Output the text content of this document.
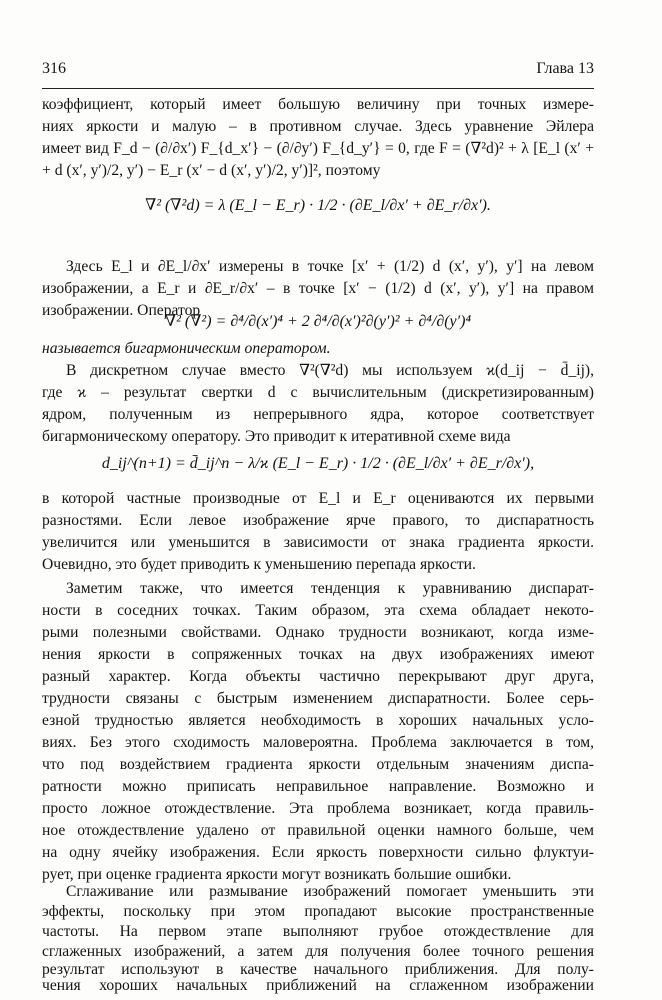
316	Глава 13
коэффициент, который имеет большую величину при точных измере-
ниях яркости и малую – в противном случае. Здесь уравнение Эйлера
имеет вид F_d − (∂/∂x′) F_{d_x′} − (∂/∂y′) F_{d_y′} = 0, где F = (∇²d)² + λ [E_l (x′ +
+ d (x′, y′)/2, y′) − E_r (x′ − d (x′, y′)/2, y′)]², поэтому
∇² (∇²d) = λ (E_l − E_r) · 1/2 · (∂E_l/∂x′ + ∂E_r/∂x′).
Здесь E_l и ∂E_l/∂x′ измерены в точке [x′ + (1/2) d (x′, y′), y′] на левом
изображении, а E_r и ∂E_r/∂x′ – в точке [x′ − (1/2) d (x′, y′), y′] на правом
изображении. Оператор
∇² (∇²) = ∂⁴/∂(x′)⁴ + 2 ∂⁴/∂(x′)²∂(y′)² + ∂⁴/∂(y′)⁴
называется бигармоническим оператором.
В дискретном случае вместо ∇²(∇²d) мы используем ϰ(d_ij − d̄_ij),
где ϰ – результат свертки d с вычислительным (дискретизированным)
ядром, полученным из непрерывного ядра, которое соответствует
бигармоническому оператору. Это приводит к итеративной схеме вида
d_ij^(n+1) = d̄_ij^n − λ/ϰ (E_l − E_r) · 1/2 · (∂E_l/∂x′ + ∂E_r/∂x′),
в которой частные производные от E_l и E_r оцениваются их первыми
разностями. Если левое изображение ярче правого, то диспаратность
увеличится или уменьшится в зависимости от знака градиента яркости.
Очевидно, это будет приводить к уменьшению перепада яркости.
Заметим также, что имеется тенденция к уравниванию диспарат-
ности в соседних точках. Таким образом, эта схема обладает некото-
рыми полезными свойствами. Однако трудности возникают, когда изме-
нения яркости в сопряженных точках на двух изображениях имеют
разный характер. Когда объекты частично перекрывают друг друга,
трудности связаны с быстрым изменением диспаратности. Более серь-
езной трудностью является необходимость в хороших начальных усло-
виях. Без этого сходимость маловероятна. Проблема заключается в том,
что под воздействием градиента яркости отдельным значениям диспа-
ратности можно приписать неправильное направление. Возможно и
просто ложное отождествление. Эта проблема возникает, когда правиль-
ное отождествление удалено от правильной оценки намного больше, чем
на одну ячейку изображения. Если яркость поверхности сильно флуктуи-
рует, при оценке градиента яркости могут возникать большие ошибки.
Сглаживание или размывание изображений помогает уменьшить эти
эффекты, поскольку при этом пропадают высокие пространственные
частоты. На первом этапе выполняют грубое отождествление для
сглаженных изображений, а затем для получения более точного решения
результат используют в качестве начального приближения. Для полу-
чения хороших начальных приближений на сглаженном изображении
